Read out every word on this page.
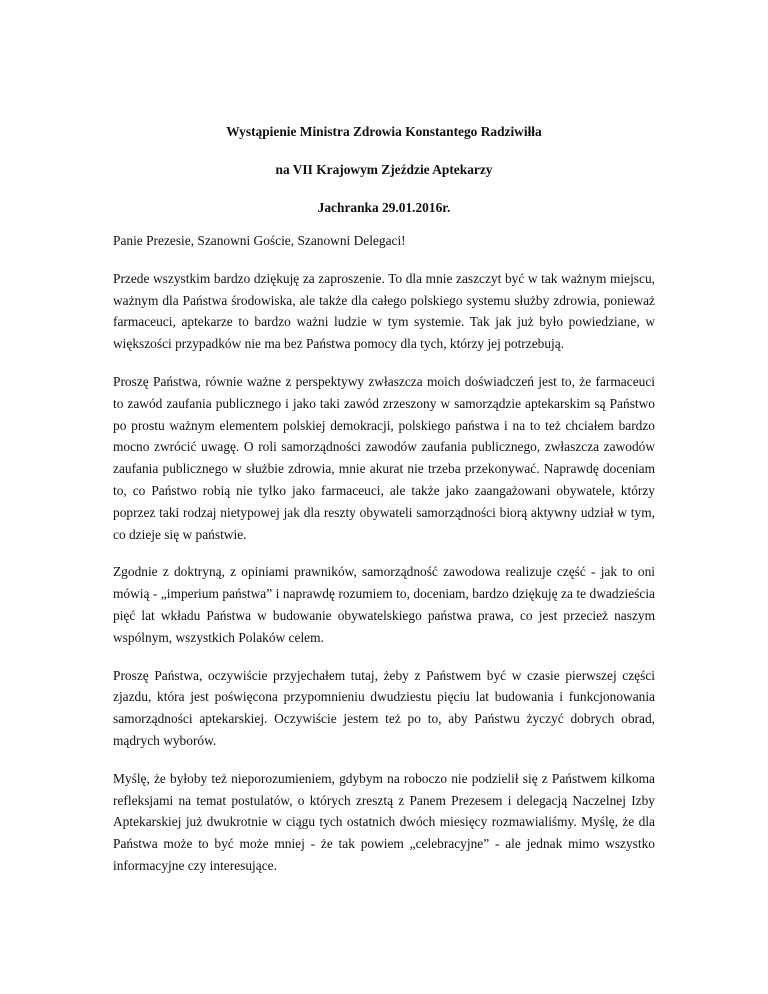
Wystąpienie Ministra Zdrowia Konstantego Radziwiłła
na VII Krajowym Zjeździe Aptekarzy
Jachranka 29.01.2016r.

Panie Prezesie, Szanowni Goście, Szanowni Delegaci!

Przede wszystkim bardzo dziękuję za zaproszenie. To dla mnie zaszczyt być w tak ważnym miejscu, ważnym dla Państwa środowiska, ale także dla całego polskiego systemu służby zdrowia, ponieważ farmaceuci, aptekarze to bardzo ważni ludzie w tym systemie. Tak jak już było powiedziane, w większości przypadków nie ma bez Państwa pomocy dla tych, którzy jej potrzebują.

Proszę Państwa, równie ważne z perspektywy zwłaszcza moich doświadczeń jest to, że farmaceuci to zawód zaufania publicznego i jako taki zawód zrzeszony w samorządzie aptekarskim są Państwo po prostu ważnym elementem polskiej demokracji, polskiego państwa i na to też chciałem bardzo mocno zwrócić uwagę. O roli samorządności zawodów zaufania publicznego, zwłaszcza zawodów zaufania publicznego w służbie zdrowia, mnie akurat nie trzeba przekonywać. Naprawdę doceniam to, co Państwo robią nie tylko jako farmaceuci, ale także jako zaangażowani obywatele, którzy poprzez taki rodzaj nietypowej jak dla reszty obywateli samorządności biorą aktywny udział w tym, co dzieje się w państwie.

Zgodnie z doktryną, z opiniami prawników, samorządność zawodowa realizuje część - jak to oni mówią - „imperium państwa” i naprawdę rozumiem to, doceniam, bardzo dziękuję za te dwadzieścia pięć lat wkładu Państwa w budowanie obywatelskiego państwa prawa, co jest przecież naszym wspólnym, wszystkich Polaków celem.

Proszę Państwa, oczywiście przyjechałem tutaj, żeby z Państwem być w czasie pierwszej części zjazdu, która jest poświęcona przypomnieniu dwudziestu pięciu lat budowania i funkcjonowania samorządności aptekarskiej. Oczywiście jestem też po to, aby Państwu życzyć dobrych obrad, mądrych wyborów.

Myślę, że byłoby też nieporozumieniem, gdybym na roboczo nie podzielił się z Państwem kilkoma refleksjami na temat postulatów, o których zresztą z Panem Prezesem i delegacją Naczelnej Izby Aptekarskiej już dwukrotnie w ciągu tych ostatnich dwóch miesięcy rozmawialiśmy. Myślę, że dla Państwa może to być może mniej - że tak powiem „celebracyjne” - ale jednak mimo wszystko informacyjne czy interesujące.
